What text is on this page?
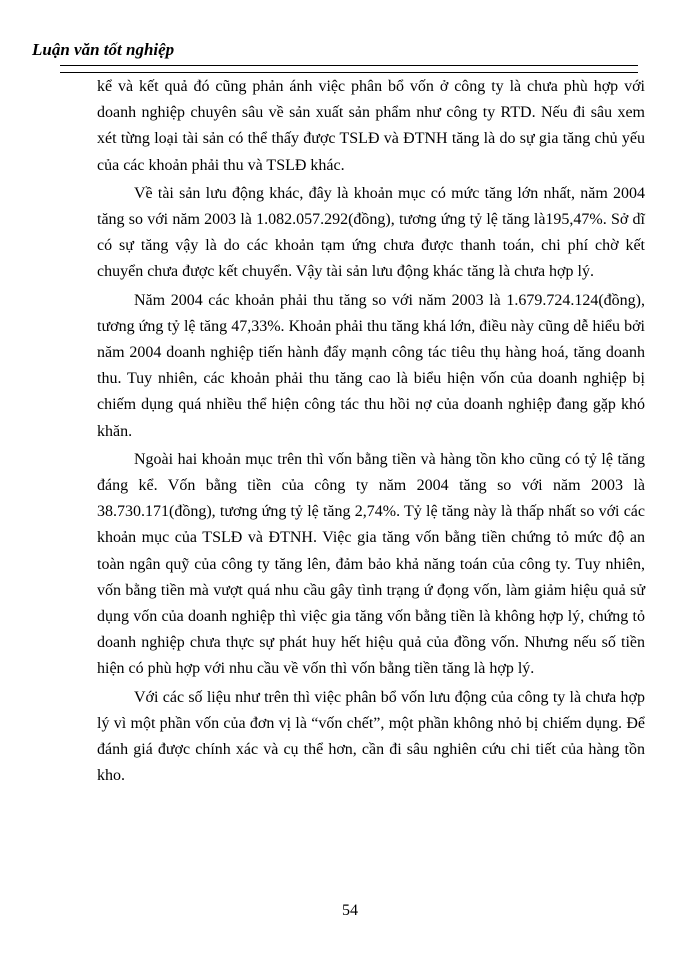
Luận văn tốt nghiệp

kể và kết quả đó cũng phản ánh việc phân bổ vốn ở công ty là chưa phù hợp với doanh nghiệp chuyên sâu về sản xuất sản phẩm như công ty RTD. Nếu đi sâu xem xét từng loại tài sản có thể thấy được TSLĐ và ĐTNH tăng là do sự gia tăng chủ yếu của các khoản phải thu và TSLĐ khác.

Về tài sản lưu động khác, đây là khoản mục có mức tăng lớn nhất, năm 2004 tăng so với năm 2003 là 1.082.057.292(đồng), tương ứng tỷ lệ tăng là195,47%. Sở dĩ có sự tăng vậy là do các khoản tạm ứng chưa được thanh toán, chi phí chờ kết chuyển chưa được kết chuyển. Vậy tài sản lưu động khác tăng là chưa hợp lý.

Năm 2004 các khoản phải thu tăng so với năm 2003 là 1.679.724.124(đồng), tương ứng tỷ lệ tăng 47,33%. Khoản phải thu tăng khá lớn, điều này cũng dễ hiểu bởi năm 2004 doanh nghiệp tiến hành đẩy mạnh công tác tiêu thụ hàng hoá, tăng doanh thu. Tuy nhiên, các khoản phải thu tăng cao là biểu hiện vốn của doanh nghiệp bị chiếm dụng quá nhiều thể hiện công tác thu hồi nợ của doanh nghiệp đang gặp khó khăn.

Ngoài hai khoản mục trên thì vốn bằng tiền và hàng tồn kho cũng có tỷ lệ tăng đáng kể. Vốn bằng tiền của công ty năm 2004 tăng so với năm 2003 là 38.730.171(đồng), tương ứng tỷ lệ tăng 2,74%. Tỷ lệ tăng này là thấp nhất so với các khoản mục của TSLĐ và ĐTNH. Việc gia tăng vốn bằng tiền chứng tỏ mức độ an toàn ngân quỹ của công ty tăng lên, đảm bảo khả năng toán của công ty. Tuy nhiên, vốn bằng tiền mà vượt quá nhu cầu gây tình trạng ứ đọng vốn, làm giảm hiệu quả sử dụng vốn của doanh nghiệp thì việc gia tăng vốn bằng tiền là không hợp lý, chứng tỏ doanh nghiệp chưa thực sự phát huy hết hiệu quả của đồng vốn. Nhưng nếu số tiền hiện có phù hợp với nhu cầu về vốn thì vốn bằng tiền tăng là hợp lý.

Với các số liệu như trên thì việc phân bổ vốn lưu động của công ty là chưa hợp lý vì một phần vốn của đơn vị là “vốn chết”, một phần không nhỏ bị chiếm dụng. Để đánh giá được chính xác và cụ thể hơn, cần đi sâu nghiên cứu chi tiết của hàng tồn kho.

54
